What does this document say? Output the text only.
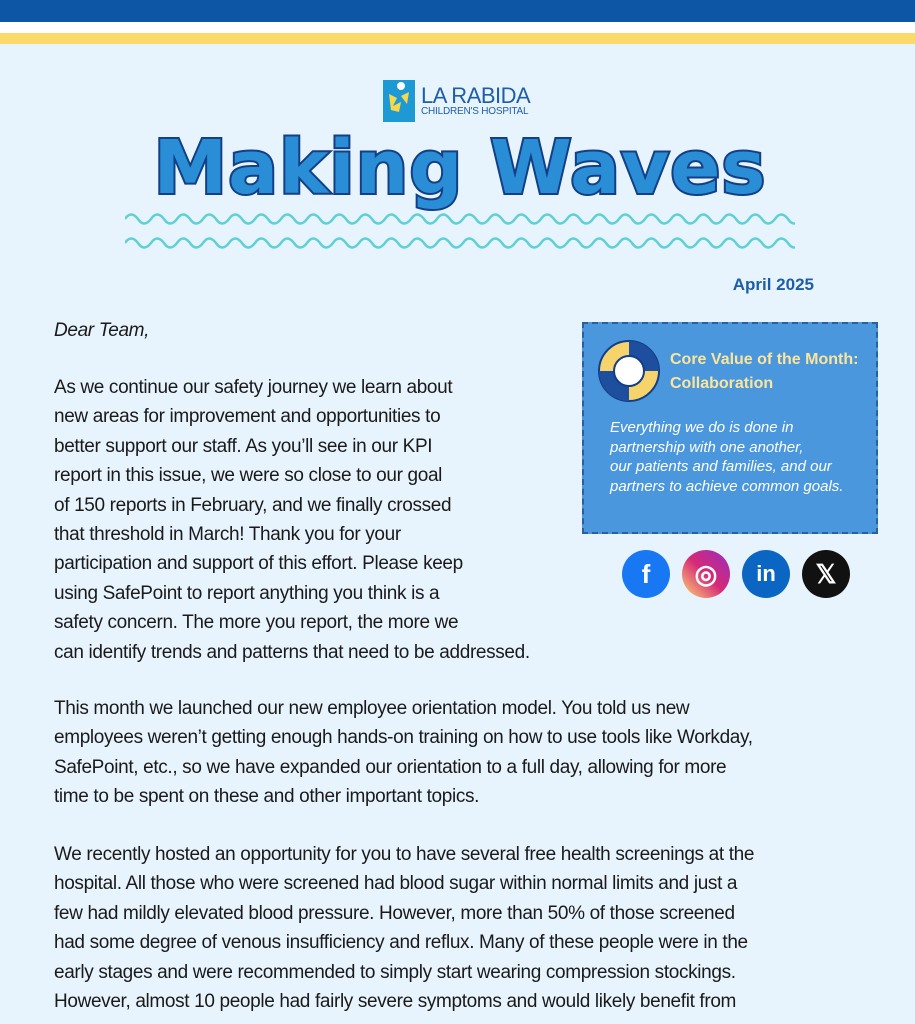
LA RABIDA
CHILDREN'S HOSPITAL
Making Waves
April 2025
Dear Team,
As we continue our safety journey we learn about
new areas for improvement and opportunities to
better support our staff. As you’ll see in our KPI
report in this issue, we were so close to our goal
of 150 reports in February, and we finally crossed
that threshold in March! Thank you for your
participation and support of this effort. Please keep
using SafePoint to report anything you think is a
safety concern. The more you report, the more we
can identify trends and patterns that need to be addressed.
This month we launched our new employee orientation model. You told us new
employees weren’t getting enough hands-on training on how to use tools like Workday,
SafePoint, etc., so we have expanded our orientation to a full day, allowing for more
time to be spent on these and other important topics.
We recently hosted an opportunity for you to have several free health screenings at the
hospital. All those who were screened had blood sugar within normal limits and just a
few had mildly elevated blood pressure. However, more than 50% of those screened
had some degree of venous insufficiency and reflux. Many of these people were in the
early stages and were recommended to simply start wearing compression stockings.
However, almost 10 people had fairly severe symptoms and would likely benefit from
Core Value of the Month:
Collaboration
Everything we do is done in
partnership with one another,
our patients and families, and our
partners to achieve common goals.
f	◎	in	𝕏
